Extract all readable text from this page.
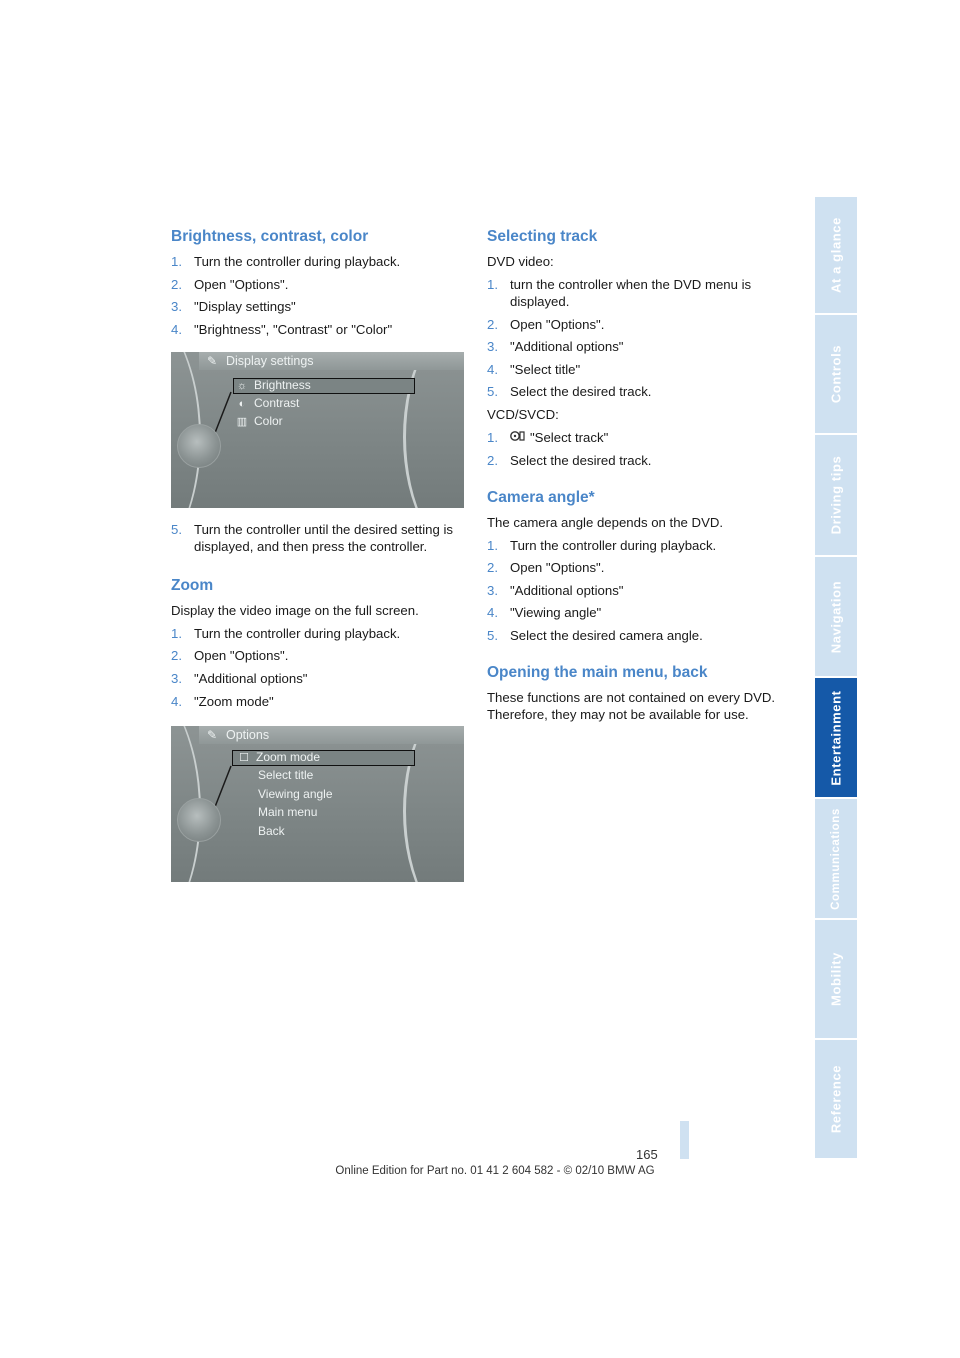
Brightness, contrast, color
1. Turn the controller during playback.
2. Open "Options".
3. "Display settings"
4. "Brightness", "Contrast" or "Color"
✎ Display settings
☼ Brightness
◐ Contrast
▥ Color
5. Turn the controller until the desired setting is displayed, and then press the controller.
Zoom

Display the video image on the full screen.

1. Turn the controller during playback.
2. Open "Options".
3. "Additional options"
4. "Zoom mode"
✎ Options
☐ Zoom mode
Select title
Viewing angle
Main menu
Back
Selecting track

DVD video:

1. turn the controller when the DVD menu is displayed.
2. Open "Options".
3. "Additional options"
4. "Select title"
5. Select the desired track.

VCD/SVCD:

1. "Select track"
2. Select the desired track.
Camera angle*

The camera angle depends on the DVD.

1. Turn the controller during playback.
2. Open "Options".
3. "Additional options"
4. "Viewing angle"
5. Select the desired camera angle.
Opening the main menu, back

These functions are not contained on every DVD. Therefore, they may not be available for use.

At a glance
Controls
Driving tips
Navigation
Entertainment
Communications
Mobility
Reference
165
Online Edition for Part no. 01 41 2 604 582 - © 02/10 BMW AG
